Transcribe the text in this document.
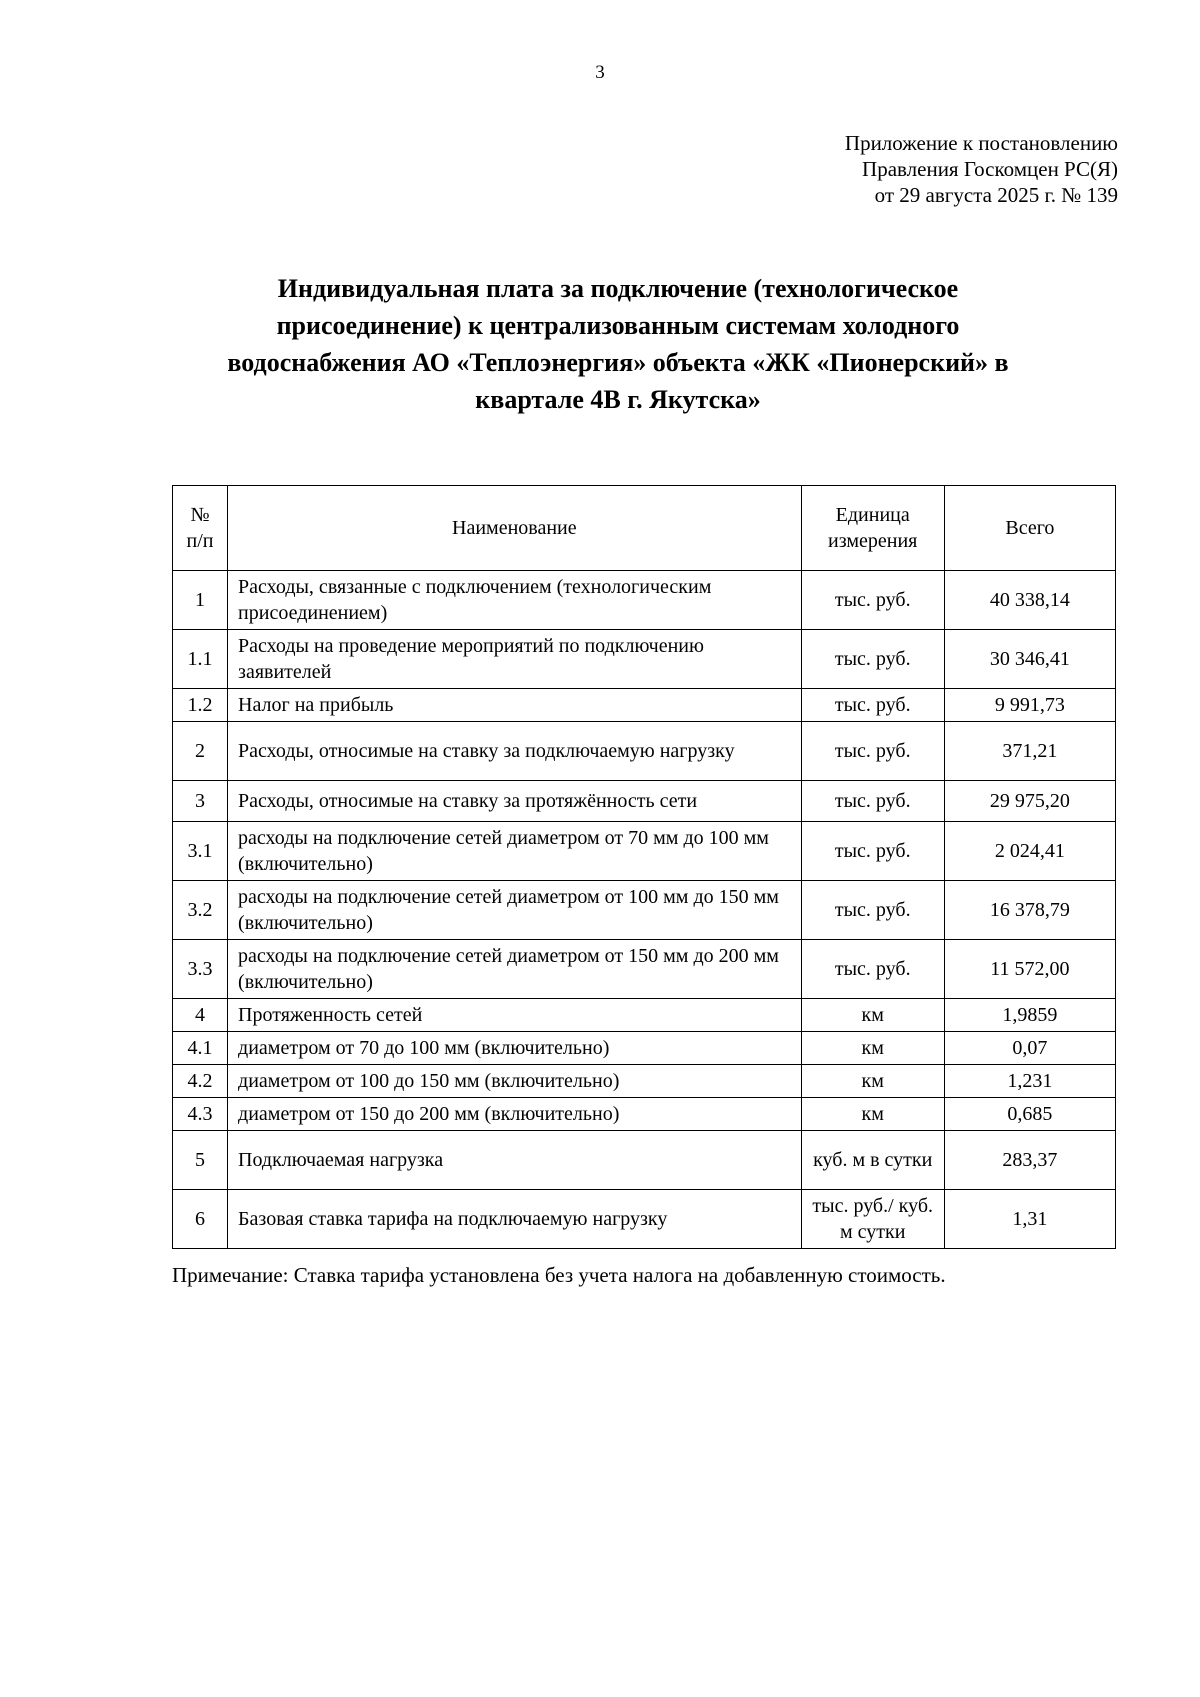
3
Приложение к постановлению
Правления Госкомцен РС(Я)
от 29 августа 2025 г. № 139
Индивидуальная плата за подключение (технологическое присоединение) к централизованным системам холодного водоснабжения АО «Теплоэнергия» объекта «ЖК «Пионерский» в квартале 4В г. Якутска»
№ п/п	Наименование	Единица измерения	Всего
1	Расходы, связанные с подключением (технологическим присоединением)	тыс. руб.	40 338,14
1.1	Расходы на проведение мероприятий по подключению заявителей	тыс. руб.	30 346,41
1.2	Налог на прибыль	тыс. руб.	9 991,73
2	Расходы, относимые на ставку за подключаемую нагрузку	тыс. руб.	371,21
3	Расходы, относимые на ставку за протяжённость сети	тыс. руб.	29 975,20
3.1	расходы на подключение сетей диаметром от 70 мм до 100 мм (включительно)	тыс. руб.	2 024,41
3.2	расходы на подключение сетей диаметром от 100 мм до 150 мм (включительно)	тыс. руб.	16 378,79
3.3	расходы на подключение сетей диаметром от 150 мм до 200 мм (включительно)	тыс. руб.	11 572,00
4	Протяженность сетей	км	1,9859
4.1	диаметром от 70 до 100 мм (включительно)	км	0,07
4.2	диаметром от 100 до 150 мм (включительно)	км	1,231
4.3	диаметром от 150 до 200 мм (включительно)	км	0,685
5	Подключаемая нагрузка	куб. м в сутки	283,37
6	Базовая ставка тарифа на подключаемую нагрузку	тыс. руб./ куб. м сутки	1,31
Примечание: Ставка тарифа установлена без учета налога на добавленную стоимость.
